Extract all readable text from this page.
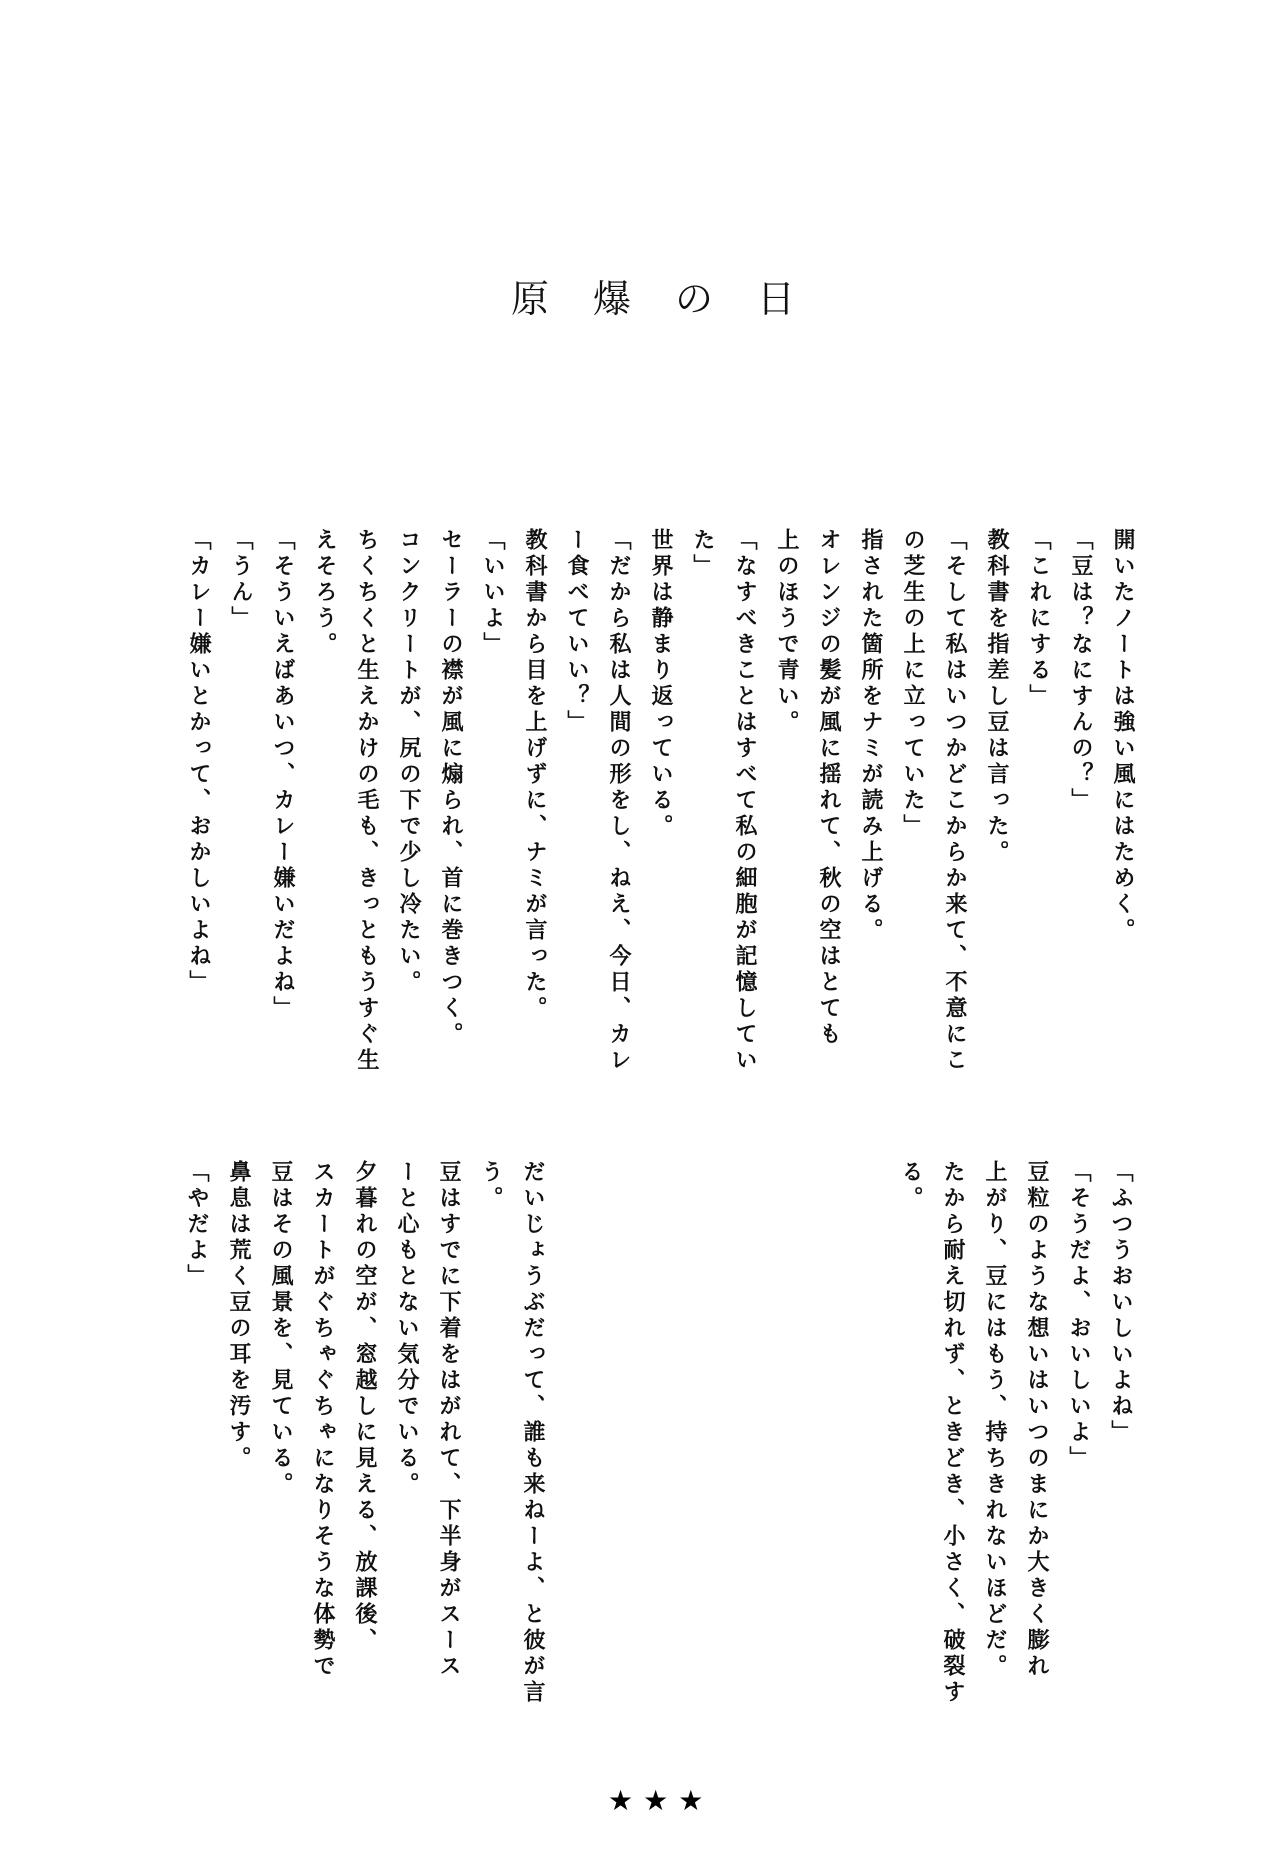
原爆の日
開いたノートは強い風にはためく。
「豆は？なにすんの？」
「これにする」
教科書を指差し豆は言った。
「そして私はいつかどこからか来て、不意にこ
の芝生の上に立っていた」
指された箇所をナミが読み上げる。
オレンジの髪が風に揺れて、秋の空はとても
上のほうで青い。
「なすべきことはすべて私の細胞が記憶してい
た」
世界は静まり返っている。
「だから私は人間の形をし、ねえ、今日、カレ
ー食べていい？」
教科書から目を上げずに、ナミが言った。
「いいよ」
セーラーの襟が風に煽られ、首に巻きつく。
コンクリートが、尻の下で少し冷たい。
ちくちくと生えかけの毛も、きっともうすぐ生
えそろう。
「そういえばあいつ、カレー嫌いだよね」
「うん」
「カレー嫌いとかって、おかしいよね」
「ふつうおいしいよね」
「そうだよ、おいしいよ」
豆粒のような想いはいつのまにか大きく膨れ
上がり、豆にはもう、持ちきれないほどだ。
たから耐え切れず、ときどき、小さく、破裂す
る。
だいじょうぶだって、誰も来ねーよ、と彼が言
う。
豆はすでに下着をはがれて、下半身がスース
ーと心もとない気分でいる。
夕暮れの空が、窓越しに見える、放課後、
スカートがぐちゃぐちゃになりそうな体勢で
豆はその風景を、見ている。
鼻息は荒く豆の耳を汚す。
「やだよ」
★★★
